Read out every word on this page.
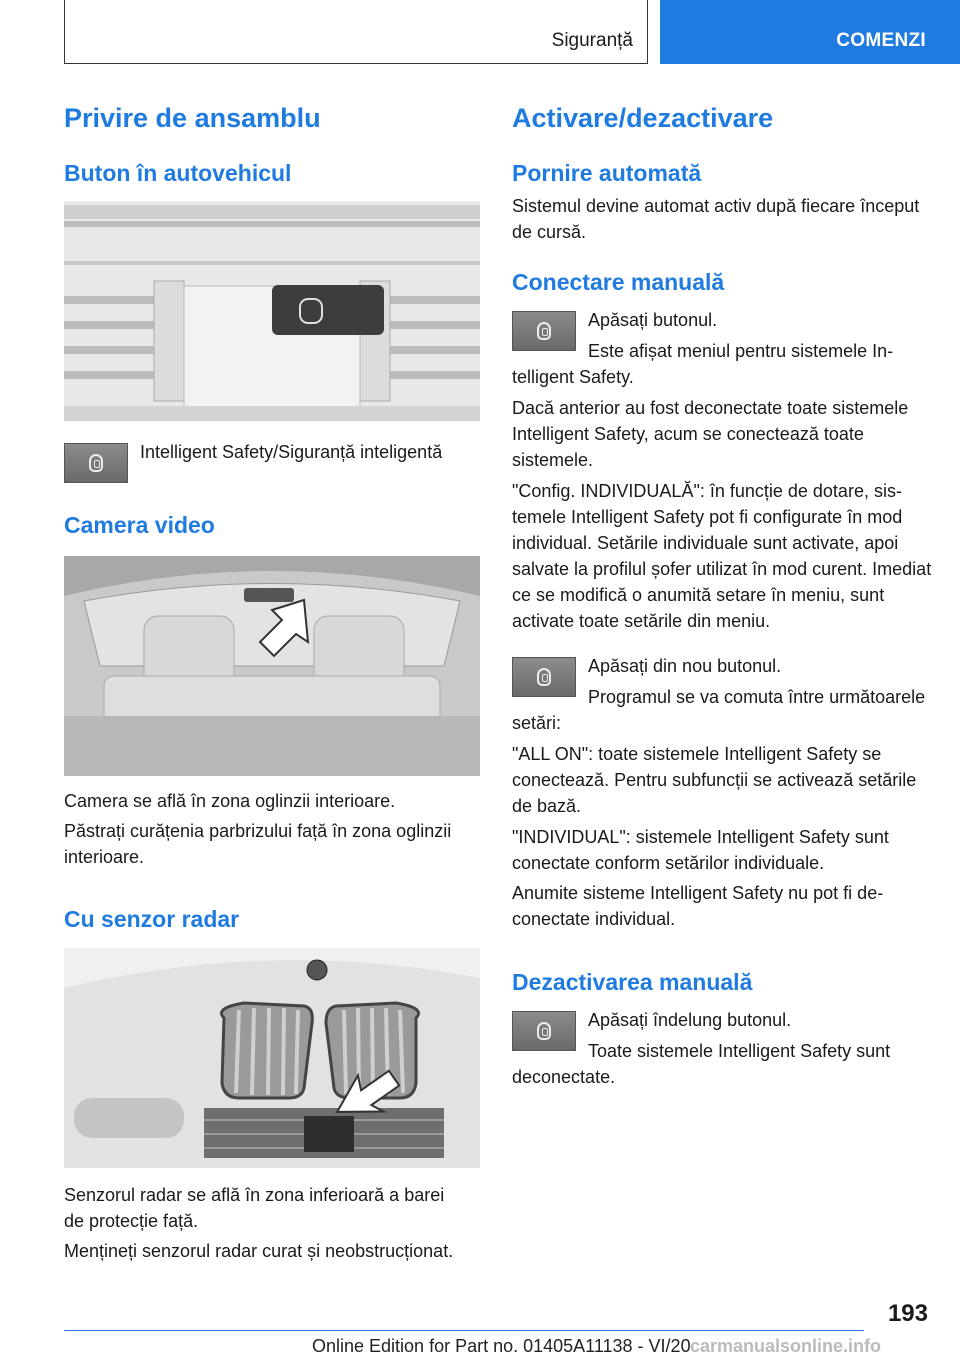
Siguranță	COMENZI
Privire de ansamblu
Buton în autovehicul

Intelligent Safety/Siguranță inteligentă

Camera video

Camera se află în zona oglinzii interioare.

Păstrați curățenia parbrizului față în zona oglinzii interioare.

Cu senzor radar

Senzorul radar se află în zona inferioară a barei de protecție față.

Mențineți senzorul radar curat și neobstrucționat.

Activare/dezactivare
Pornire automată

Sistemul devine automat activ după fiecare început de cursă.

Conectare manuală

Apăsați butonul.

Este afișat meniul pentru sistemele Intelligent Safety.

Dacă anterior au fost deconectate toate sistemele Intelligent Safety, acum se conectează toate sistemele.

"Config. INDIVIDUALĂ": în funcție de dotare, sistemele Intelligent Safety pot fi configurate în mod individual. Setările individuale sunt activate, apoi salvate la profilul șofer utilizat în mod curent. Imediat ce se modifică o anumită setare în meniu, sunt activate toate setările din meniu.

Apăsați din nou butonul.

Programul se va comuta între următoarele setări:

"ALL ON": toate sistemele Intelligent Safety se conectează. Pentru subfuncții se activează setările de bază.

"INDIVIDUAL": sistemele Intelligent Safety sunt conectate conform setărilor individuale.

Anumite sisteme Intelligent Safety nu pot fi deconectate individual.

Dezactivarea manuală

Apăsați îndelung butonul.

Toate sistemele Intelligent Safety sunt deconectate.

193
Online Edition for Part no. 01405A11138 - VI/20 carmanualsonline.info
